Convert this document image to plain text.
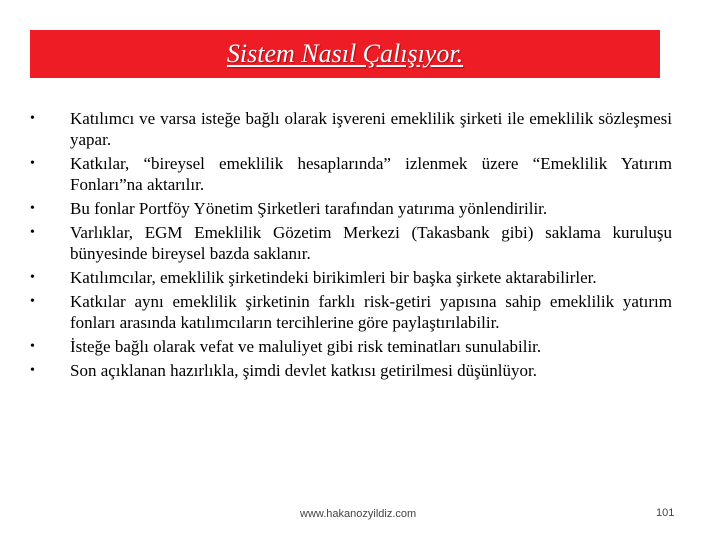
Sistem Nasıl Çalışıyor.
• Katılımcı ve varsa isteğe bağlı olarak işvereni emeklilik şirketi ile emeklilik sözleşmesi yapar.
• Katkılar, “bireysel emeklilik hesaplarında” izlenmek üzere “Emeklilik Yatırım Fonları”na aktarılır.
• Bu fonlar Portföy Yönetim Şirketleri tarafından yatırıma yönlendirilir.
• Varlıklar, EGM Emeklilik Gözetim Merkezi (Takasbank gibi) saklama kuruluşu bünyesinde bireysel bazda saklanır.
• Katılımcılar, emeklilik şirketindeki birikimleri bir başka şirkete aktarabilirler.
• Katkılar aynı emeklilik şirketinin farklı risk-getiri yapısına sahip emeklilik yatırım fonları arasında katılımcıların tercihlerine göre paylaştırılabilir.
• İsteğe bağlı olarak vefat ve maluliyet gibi risk teminatları sunulabilir.
• Son açıklanan hazırlıkla, şimdi devlet katkısı getirilmesi düşünlüyor.
www.hakanozyildiz.com	101
